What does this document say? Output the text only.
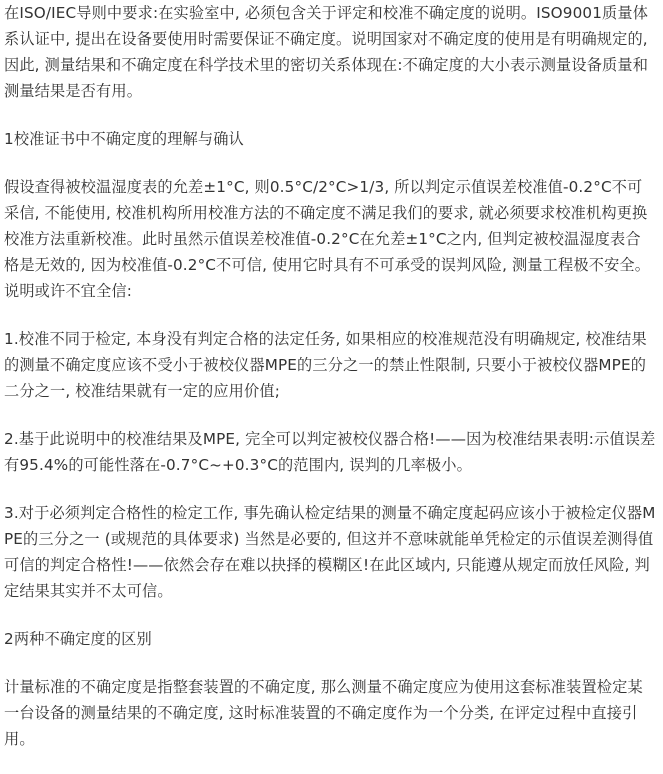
在ISO/IEC导则中要求:在实验室中, 必须包含关于评定和校准不确定度的说明。ISO9001质量体系认证中, 提出在设备要使用时需要保证不确定度。说明国家对不确定度的使用是有明确规定的, 因此, 测量结果和不确定度在科学技术里的密切关系体现在:不确定度的大小表示测量设备质量和测量结果是否有用。

1校准证书中不确定度的理解与确认

假设查得被校温湿度表的允差±1°C, 则0.5°C/2°C>1/3, 所以判定示值误差校准值-0.2°C不可采信, 不能使用, 校准机构所用校准方法的不确定度不满足我们的要求, 就必须要求校准机构更换校准方法重新校准。此时虽然示值误差校准值-0.2°C在允差±1°C之内, 但判定被校温湿度表合格是无效的, 因为校准值-0.2°C不可信, 使用它时具有不可承受的误判风险, 测量工程极不安全。说明或许不宜全信:

1.校准不同于检定, 本身没有判定合格的法定任务, 如果相应的校准规范没有明确规定, 校准结果的测量不确定度应该不受小于被校仪器MPE的三分之一的禁止性限制, 只要小于被校仪器MPE的二分之一, 校准结果就有一定的应用价值;

2.基于此说明中的校准结果及MPE, 完全可以判定被校仪器合格!——因为校准结果表明:示值误差有95.4%的可能性落在-0.7°C~+0.3°C的范围内, 误判的几率极小。

3.对于必须判定合格性的检定工作, 事先确认检定结果的测量不确定度起码应该小于被检定仪器MPE的三分之一 (或规范的具体要求) 当然是必要的, 但这并不意味就能单凭检定的示值误差测得值可信的判定合格性!——依然会存在难以抉择的模糊区!在此区域内, 只能遵从规定而放任风险, 判定结果其实并不太可信。

2两种不确定度的区别

计量标准的不确定度是指整套装置的不确定度, 那么测量不确定度应为使用这套标准装置检定某一台设备的测量结果的不确定度, 这时标准装置的不确定度作为一个分类, 在评定过程中直接引用。
